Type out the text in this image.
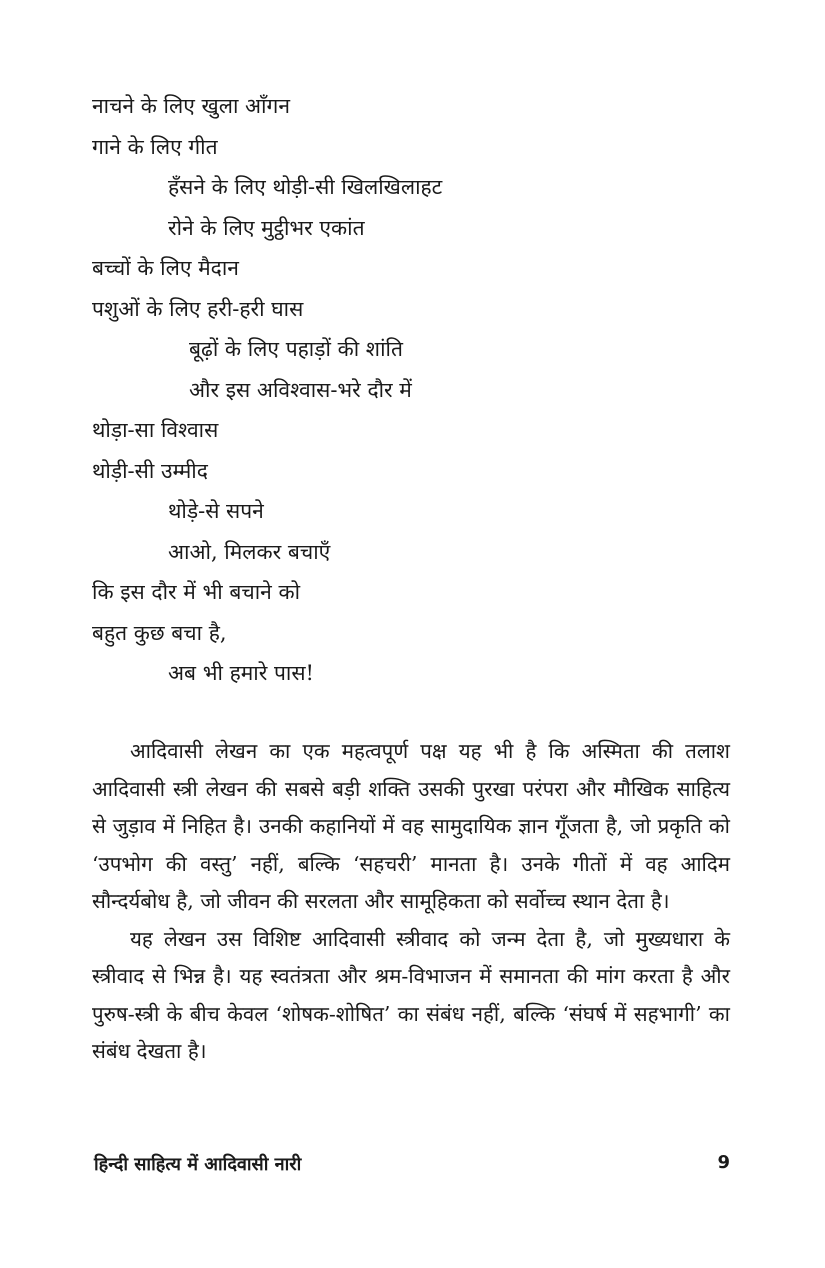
नाचने के लिए खुला आँगन
गाने के लिए गीत
हँसने के लिए थोड़ी-सी खिलखिलाहट
रोने के लिए मुट्ठीभर एकांत
बच्चों के लिए मैदान
पशुओं के लिए हरी-हरी घास
बूढ़ों के लिए पहाड़ों की शांति
और इस अविश्वास-भरे दौर में
थोड़ा-सा विश्वास
थोड़ी-सी उम्मीद
थोड़े-से सपने
आओ, मिलकर बचाएँ
कि इस दौर में भी बचाने को
बहुत कुछ बचा है,
अब भी हमारे पास!

आदिवासी लेखन का एक महत्वपूर्ण पक्ष यह भी है कि अस्मिता की तलाश आदिवासी स्त्री लेखन की सबसे बड़ी शक्ति उसकी पुरखा परंपरा और मौखिक साहित्य से जुड़ाव में निहित है। उनकी कहानियों में वह सामुदायिक ज्ञान गूँजता है, जो प्रकृति को ‘उपभोग की वस्तु’ नहीं, बल्कि ‘सहचरी’ मानता है। उनके गीतों में वह आदिम सौन्दर्यबोध है, जो जीवन की सरलता और सामूहिकता को सर्वोच्च स्थान देता है।

यह लेखन उस विशिष्ट आदिवासी स्त्रीवाद को जन्म देता है, जो मुख्यधारा के स्त्रीवाद से भिन्न है। यह स्वतंत्रता और श्रम-विभाजन में समानता की मांग करता है और पुरुष-स्त्री के बीच केवल ‘शोषक-शोषित’ का संबंध नहीं, बल्कि ‘संघर्ष में सहभागी’ का संबंध देखता है।

हिन्दी साहित्य में आदिवासी नारी	9
